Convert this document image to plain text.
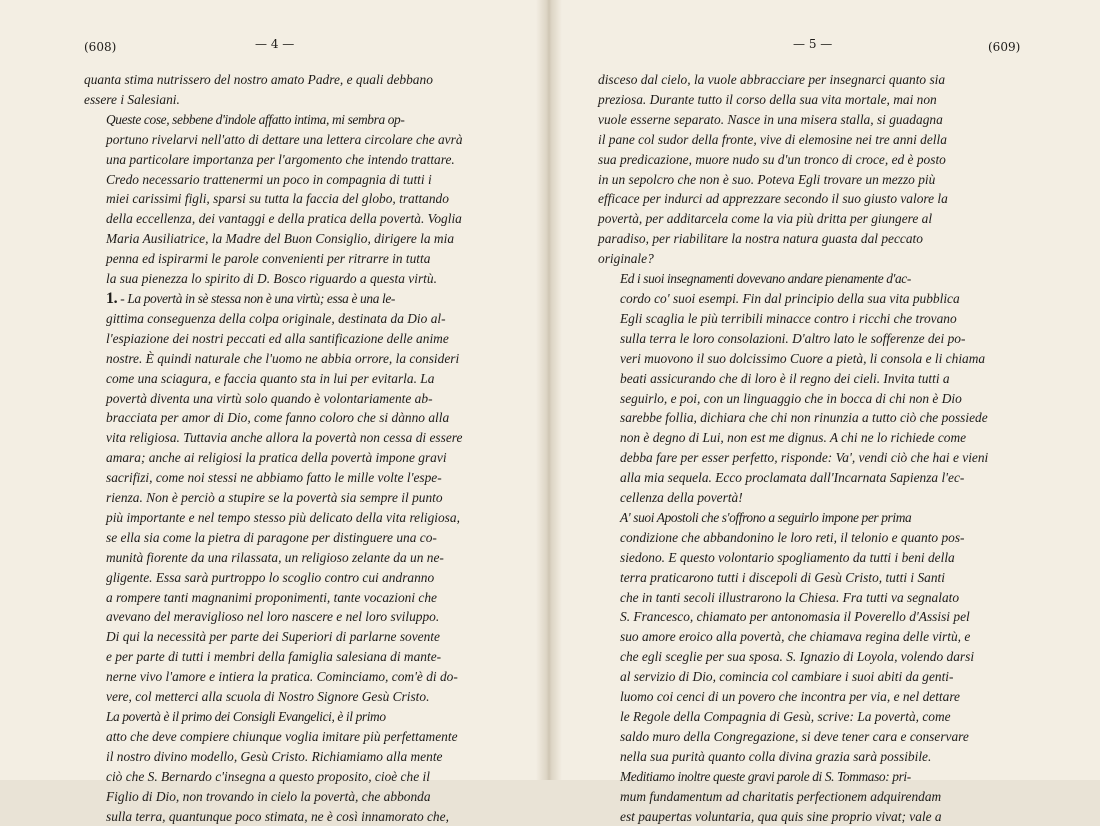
(608)	— 4 —

quanta stima nutrissero del nostro amato Padre, e quali debbano
essere i Salesiani.

Queste cose, sebbene d'indole affatto intima, mi sembra op-
portuno rivelarvi nell'atto di dettare una lettera circolare che avrà
una particolare importanza per l'argomento che intendo trattare.
Credo necessario trattenermi un poco in compagnia di tutti i
miei carissimi figli, sparsi su tutta la faccia del globo, trattando
della eccellenza, dei vantaggi e della pratica della povertà. Voglia
Maria Ausiliatrice, la Madre del Buon Consiglio, dirigere la mia
penna ed ispirarmi le parole convenienti per ritrarre in tutta
la sua pienezza lo spirito di D. Bosco riguardo a questa virtù.

1. - La povertà in sè stessa non è una virtù; essa è una le-
gittima conseguenza della colpa originale, destinata da Dio al-
l'espiazione dei nostri peccati ed alla santificazione delle anime
nostre. È quindi naturale che l'uomo ne abbia orrore, la consideri
come una sciagura, e faccia quanto sta in lui per evitarla. La
povertà diventa una virtù solo quando è volontariamente ab-
bracciata per amor di Dio, come fanno coloro che si dànno alla
vita religiosa. Tuttavia anche allora la povertà non cessa di essere
amara; anche ai religiosi la pratica della povertà impone gravi
sacrifizi, come noi stessi ne abbiamo fatto le mille volte l'espe-
rienza. Non è perciò a stupire se la povertà sia sempre il punto
più importante e nel tempo stesso più delicato della vita religiosa,
se ella sia come la pietra di paragone per distinguere una co-
munità fiorente da una rilassata, un religioso zelante da un ne-
gligente. Essa sarà purtroppo lo scoglio contro cui andranno
a rompere tanti magnanimi proponimenti, tante vocazioni che
avevano del meraviglioso nel loro nascere e nel loro sviluppo.
Di qui la necessità per parte dei Superiori di parlarne sovente
e per parte di tutti i membri della famiglia salesiana di mante-
nerne vivo l'amore e intiera la pratica. Cominciamo, com'è di do-
vere, col metterci alla scuola di Nostro Signore Gesù Cristo.

La povertà è il primo dei Consigli Evangelici, è il primo
atto che deve compiere chiunque voglia imitare più perfettamente
il nostro divino modello, Gesù Cristo. Richiamiamo alla mente
ciò che S. Bernardo c'insegna a questo proposito, cioè che il
Figlio di Dio, non trovando in cielo la povertà, che abbonda
sulla terra, quantunque poco stimata, ne è così innamorato che,

— 5 —	(609)

disceso dal cielo, la vuole abbracciare per insegnarci quanto sia
preziosa. Durante tutto il corso della sua vita mortale, mai non
vuole esserne separato. Nasce in una misera stalla, si guadagna
il pane col sudor della fronte, vive di elemosine nei tre anni della
sua predicazione, muore nudo su d'un tronco di croce, ed è posto
in un sepolcro che non è suo. Poteva Egli trovare un mezzo più
efficace per indurci ad apprezzare secondo il suo giusto valore la
povertà, per additarcela come la via più dritta per giungere al
paradiso, per riabilitare la nostra natura guasta dal peccato
originale?

Ed i suoi insegnamenti dovevano andare pienamente d'ac-
cordo co' suoi esempi. Fin dal principio della sua vita pubblica
Egli scaglia le più terribili minacce contro i ricchi che trovano
sulla terra le loro consolazioni. D'altro lato le sofferenze dei po-
veri muovono il suo dolcissimo Cuore a pietà, li consola e li chiama
beati assicurando che di loro è il regno dei cieli. Invita tutti a
seguirlo, e poi, con un linguaggio che in bocca di chi non è Dio
sarebbe follia, dichiara che chi non rinunzia a tutto ciò che possiede
non è degno di Lui, non est me dignus. A chi ne lo richiede come
debba fare per esser perfetto, risponde: Va', vendi ciò che hai e vieni
alla mia sequela. Ecco proclamata dall'Incarnata Sapienza l'ec-
cellenza della povertà!

A' suoi Apostoli che s'offrono a seguirlo impone per prima
condizione che abbandonino le loro reti, il telonio e quanto pos-
siedono. E questo volontario spogliamento da tutti i beni della
terra praticarono tutti i discepoli di Gesù Cristo, tutti i Santi
che in tanti secoli illustrarono la Chiesa. Fra tutti va segnalato
S. Francesco, chiamato per antonomasia il Poverello d'Assisi pel
suo amore eroico alla povertà, che chiamava regina delle virtù, e
che egli sceglie per sua sposa. S. Ignazio di Loyola, volendo darsi
al servizio di Dio, comincia col cambiare i suoi abiti da genti-
luomo coi cenci di un povero che incontra per via, e nel dettare
le Regole della Compagnia di Gesù, scrive: La povertà, come
saldo muro della Congregazione, si deve tener cara e conservare
nella sua purità quanto colla divina grazia sarà possibile.

Meditiamo inoltre queste gravi parole di S. Tommaso: pri-
mum fundamentum ad charitatis perfectionem adquirendam
est paupertas voluntaria, qua quis sine proprio vivat; vale a
